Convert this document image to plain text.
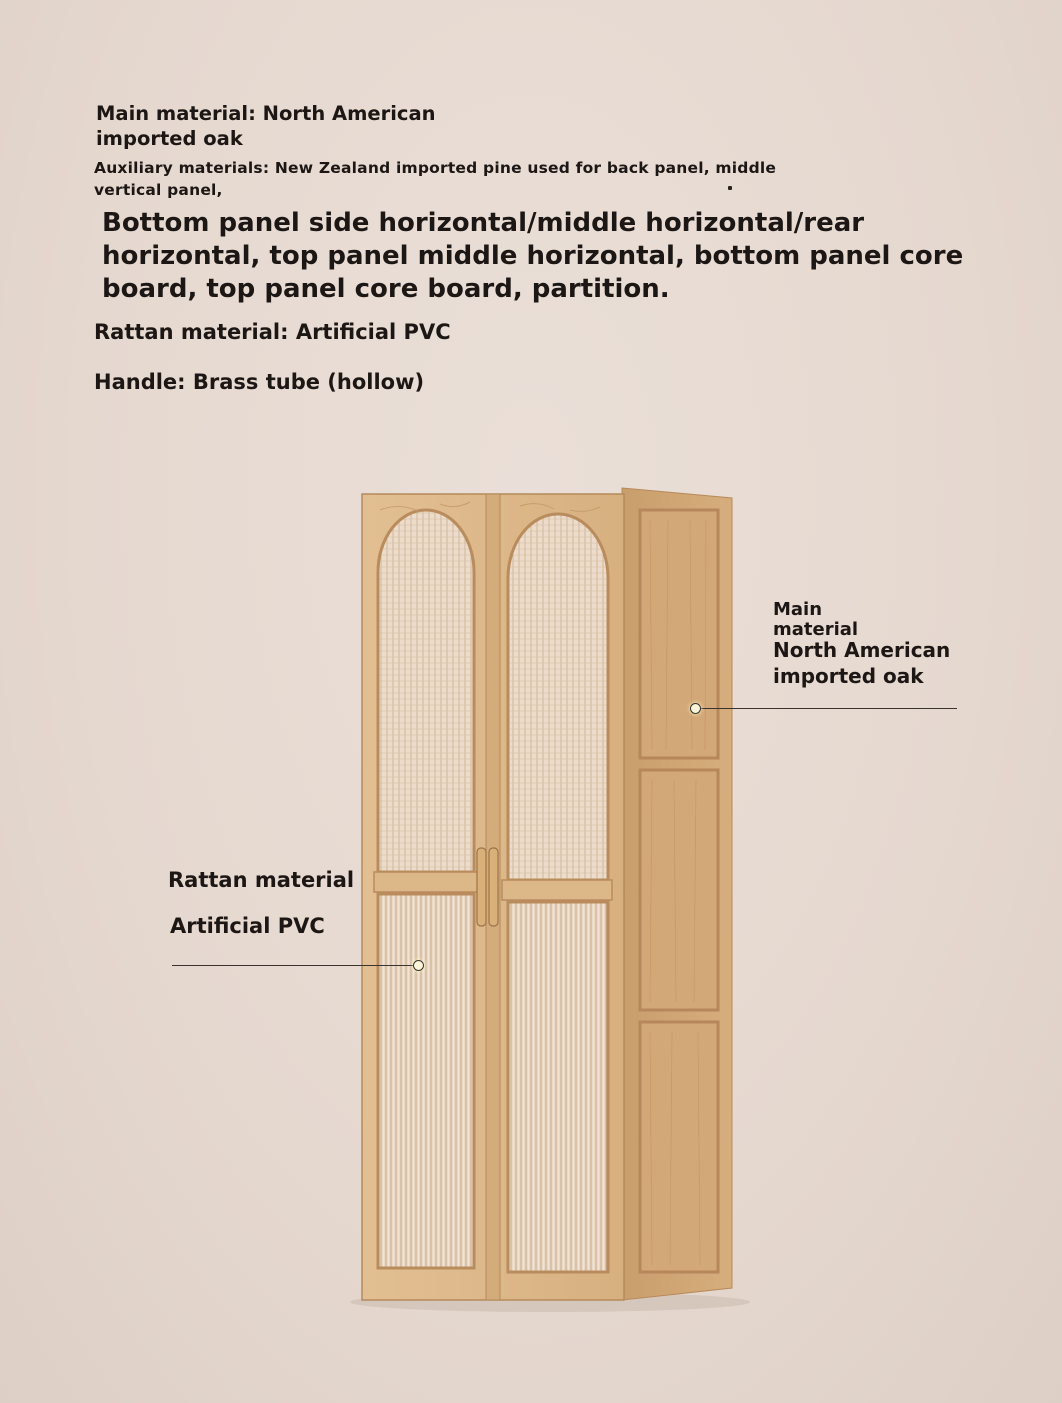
Main material: North American
imported oak
Auxiliary materials: New Zealand imported pine used for back panel, middle
vertical panel,
Bottom panel side horizontal/middle horizontal/rear
horizontal, top panel middle horizontal, bottom panel core
board, top panel core board, partition.
Rattan material: Artificial PVC
Handle: Brass tube (hollow)
Main
material
North American
imported oak
Rattan material
Artificial PVC
